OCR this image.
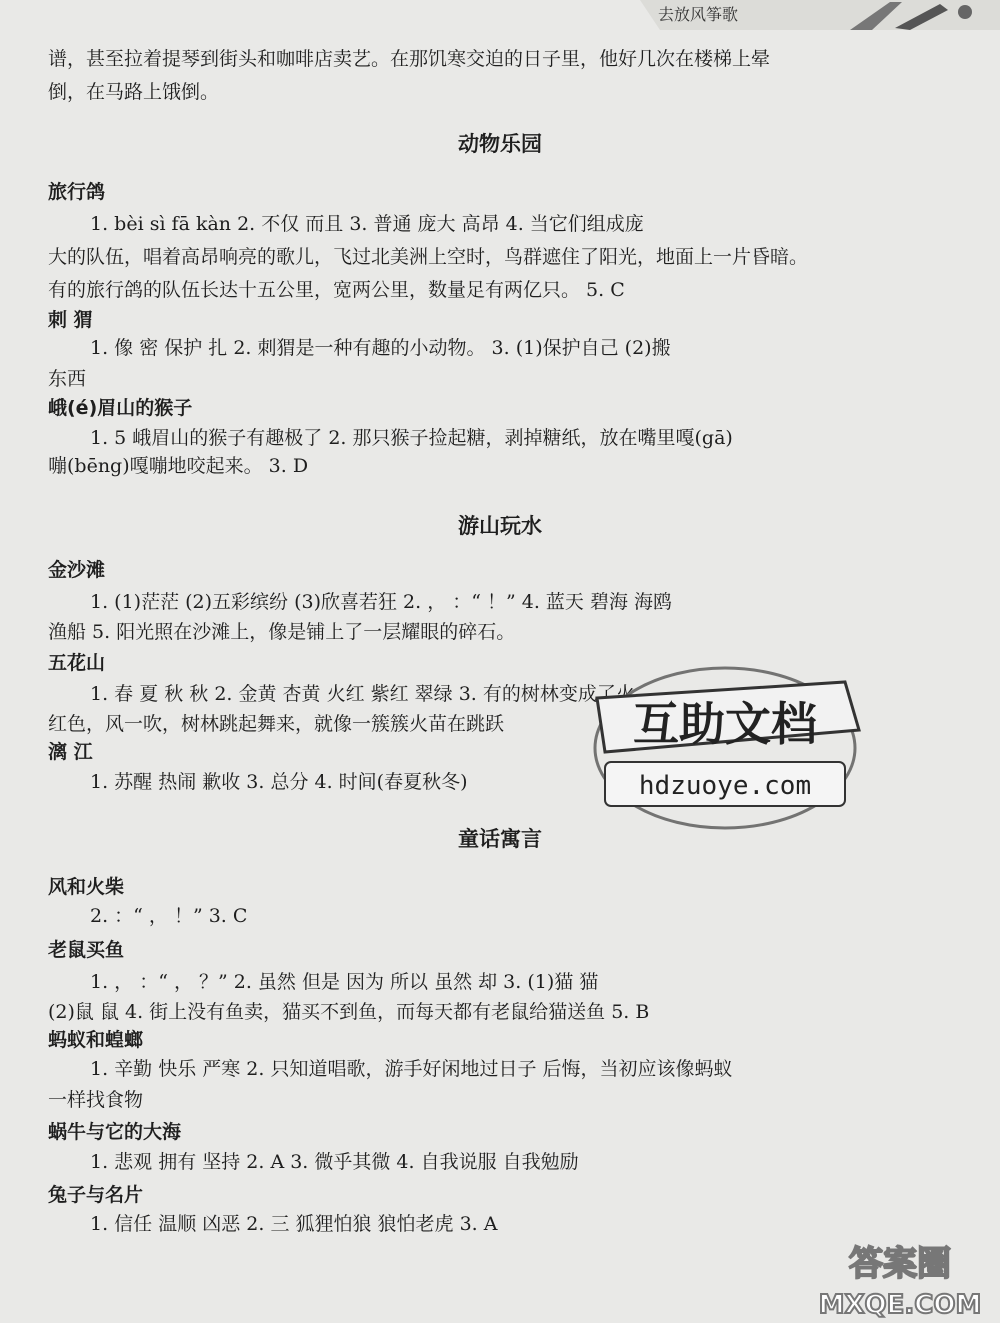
去放风筝歌
谱，甚至拉着提琴到街头和咖啡店卖艺。在那饥寒交迫的日子里，他好几次在楼梯上晕
倒，在马路上饿倒。
动物乐园
旅行鸽
1. bèi sì fā kàn 2. 不仅 而且 3. 普通 庞大 高昂 4. 当它们组成庞
大的队伍，唱着高昂响亮的歌儿，飞过北美洲上空时，鸟群遮住了阳光，地面上一片昏暗。
有的旅行鸽的队伍长达十五公里，宽两公里，数量足有两亿只。 5. C
刺 猬
1. 像 密 保护 扎 2. 刺猬是一种有趣的小动物。 3. (1)保护自己 (2)搬
东西
峨(é)眉山的猴子
1. 5 峨眉山的猴子有趣极了 2. 那只猴子捡起糖，剥掉糖纸，放在嘴里嘎(gā)
嘣(bēng)嘎嘣地咬起来。 3. D
游山玩水
金沙滩
1. (1)茫茫 (2)五彩缤纷 (3)欣喜若狂 2. ， ：“ ！” 4. 蓝天 碧海 海鸥
渔船 5. 阳光照在沙滩上，像是铺上了一层耀眼的碎石。
五花山
1. 春 夏 秋 秋 2. 金黄 杏黄 火红 紫红 翠绿 3. 有的树林变成了火
红色，风一吹，树林跳起舞来，就像一簇簇火苗在跳跃
漓 江
1. 苏醒 热闹 歉收 3. 总分 4. 时间(春夏秋冬)
童话寓言
风和火柴
2. ：“ ， ！” 3. C
老鼠买鱼
1. ， ：“ ， ？” 2. 虽然 但是 因为 所以 虽然 却 3. (1)猫 猫
(2)鼠 鼠 4. 街上没有鱼卖，猫买不到鱼，而每天都有老鼠给猫送鱼 5. B
蚂蚁和蝗螂
1. 辛勤 快乐 严寒 2. 只知道唱歌，游手好闲地过日子 后悔，当初应该像蚂蚁
一样找食物
蜗牛与它的大海
1. 悲观 拥有 坚持 2. A 3. 微乎其微 4. 自我说服 自我勉励
兔子与名片
1. 信任 温顺 凶恶 2. 三 狐狸怕狼 狼怕老虎 3. A
互助文档
hdzuoye.com
答案圈
MXQE.COM
